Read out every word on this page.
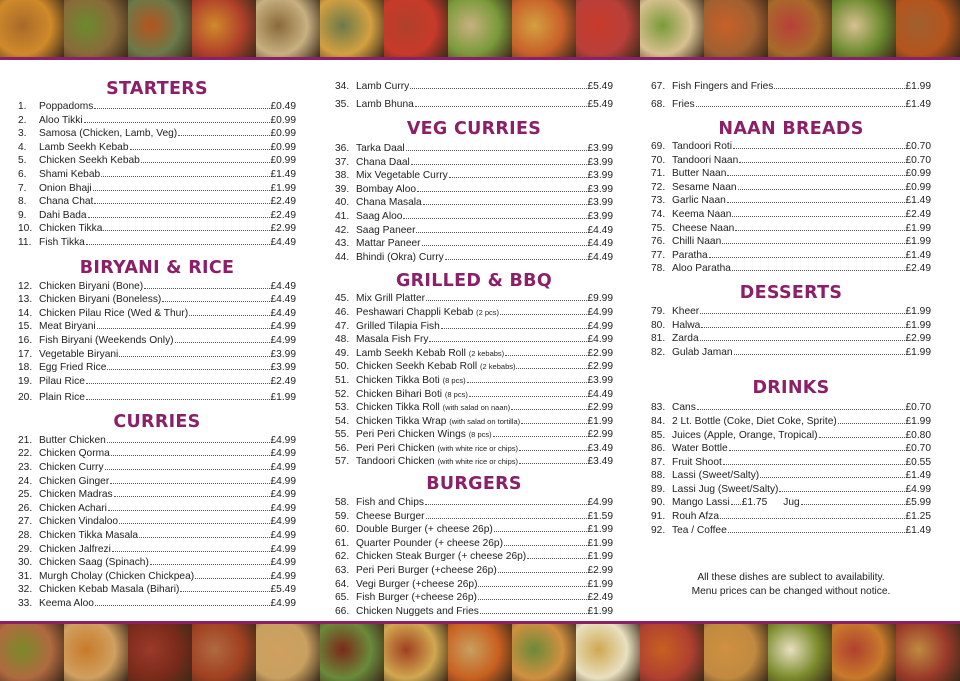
STARTERS
1.	Poppadoms	£0.49
2.	Aloo Tikki	£0.99
3.	Samosa (Chicken, Lamb, Veg)	£0.99
4.	Lamb Seekh Kebab	£0.99
5.	Chicken Seekh Kebab	£0.99
6.	Shami Kebab	£1.49
7.	Onion Bhaji	£1.99
8.	Chana Chat	£2.49
9.	Dahi Bada	£2.49
10. Chicken Tikka	£2.99
11. Fish Tikka	£4.49
BIRYANI & RICE
12. Chicken Biryani (Bone)	£4.49
13. Chicken Biryani (Boneless)	£4.49
14. Chicken Pilau Rice (Wed & Thur)	£4.49
15. Meat Biryani	£4.99
16. Fish Biryani (Weekends Only)	£4.99
17. Vegetable Biryani	£3.99
18. Egg Fried Rice	£3.99
19. Pilau Rice	£2.49
20. Plain Rice	£1.99
CURRIES
21. Butter Chicken	£4.99
22. Chicken Qorma	£4.99
23. Chicken Curry	£4.99
24. Chicken Ginger	£4.99
25. Chicken Madras	£4.99
26. Chicken Achari	£4.99
27. Chicken Vindaloo	£4.99
28. Chicken Tikka Masala	£4.99
29. Chicken Jalfrezi	£4.99
30. Chicken Saag (Spinach)	£4.99
31. Murgh Cholay (Chicken Chickpea)	£4.99
32. Chicken Kebab Masala (Bihari)	£5.49
33. Keema Aloo	£4.99
34. Lamb Curry	£5.49
35. Lamb Bhuna	£5.49
VEG CURRIES
36. Tarka Daal	£3.99
37. Chana Daal	£3.99
38. Mix Vegetable Curry	£3.99
39. Bombay Aloo	£3.99
40. Chana Masala	£3.99
41. Saag Aloo	£3.99
42. Saag Paneer	£4.49
43. Mattar Paneer	£4.49
44. Bhindi (Okra) Curry	£4.49
GRILLED & BBQ
45. Mix Grill Platter	£9.99
46. Peshawari Chappli Kebab (2 pcs)	£4.99
47. Grilled Tilapia Fish	£4.99
48. Masala Fish Fry	£4.99
49. Lamb Seekh Kebab Roll (2 kebabs)	£2.99
50. Chicken Seekh Kebab Roll (2 kebabs)	£2.99
51. Chicken Tikka Boti (8 pcs)	£3.99
52. Chicken Bihari Boti (8 pcs)	£4.49
53. Chicken Tikka Roll (with salad on naan)	£2.99
54. Chicken Tikka Wrap (with salad on tortilla)	£1.99
55. Peri Peri Chicken Wings (8 pcs)	£2.99
56. Peri Peri Chicken (with white rice or chips)	£3.49
57. Tandoori Chicken (with white rice or chips)	£3.49
BURGERS
58. Fish and Chips	£4.99
59. Cheese Burger	£1.59
60. Double Burger (+ cheese 26p)	£1.99
61. Quarter Pounder (+ cheese 26p)	£1.99
62. Chicken Steak Burger (+ cheese 26p)	£1.99
63. Peri Peri Burger (+cheese 26p)	£2.99
64. Vegi Burger (+cheese 26p)	£1.99
65. Fish Burger (+cheese 26p)	£2.49
66. Chicken Nuggets and Fries	£1.99
67. Fish Fingers and Fries	£1.99
68. Fries	£1.49
NAAN BREADS
69. Tandoori Roti	£0.70
70. Tandoori Naan	£0.70
71. Butter Naan	£0.99
72. Sesame Naan	£0.99
73. Garlic Naan	£1.49
74. Keema Naan	£2.49
75. Cheese Naan	£1.99
76. Chilli Naan	£1.99
77. Paratha	£1.49
78. Aloo Paratha	£2.49
DESSERTS
79. Kheer	£1.99
80. Halwa	£1.99
81. Zarda	£2.99
82. Gulab Jaman	£1.99
DRINKS
83. Cans	£0.70
84. 2 Lt. Bottle (Coke, Diet Coke, Sprite)	£1.99
85. Juices (Apple, Orange, Tropical)	£0.80
86. Water Bottle	£0.70
87. Fruit Shoot	£0.55
88. Lassi (Sweet/Salty)	£1.49
89. Lassi Jug (Sweet/Salty)	£4.99
90. Mango Lassi £1.75 Jug	£5.99
91. Rouh Afza	£1.25
92. Tea / Coffee	£1.49
All these dishes are sublect to availability.
Menu prices can be changed without notice.
